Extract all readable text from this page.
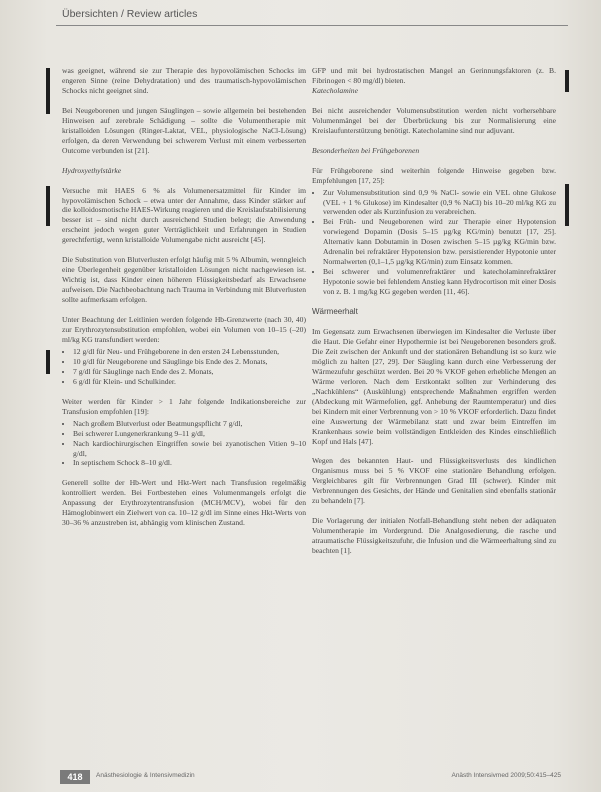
Übersichten / Review articles

was geeignet, während sie zur Therapie des hypovolämischen Schocks im engeren Sinne (reine Dehydratation) und des traumatisch-hypovolämischen Schocks nicht geeignet sind.

Bei Neugeborenen und jungen Säuglingen – sowie allgemein bei bestehenden Hinweisen auf zerebrale Schädigung – sollte die Volumentherapie mit kristalloiden Lösungen (Ringer-Laktat, VEL, physiologische NaCl-Lösung) erfolgen, da deren Verwendung bei schwerem Verlust mit einem verbesserten Outcome verbunden ist [21].

Hydroxyethylstärke

Versuche mit HAES 6 % als Volumenersatzmittel für Kinder im hypovolämischen Schock – etwa unter der Annahme, dass Kinder stärker auf die kolloidosmotische HAES-Wirkung reagieren und die Kreislaufstabilisierung besser ist – sind nicht durch ausreichend Studien belegt; die Anwendung erscheint jedoch wegen guter Verträglichkeit und Erfahrungen in Studien gerechtfertigt, wenn kristalloide Volumengabe nicht ausreicht [45].

Die Substitution von Blutverlusten erfolgt häufig mit 5 % Albumin, wenngleich eine Überlegenheit gegenüber kristalloiden Lösungen nicht nachgewiesen ist. Wichtig ist, dass Kinder einen höheren Flüssigkeitsbedarf als Erwachsene aufweisen. Die Nachbeobachtung nach Trauma in Verbindung mit Blutverlusten sollte aufmerksam erfolgen.

Unter Beachtung der Leitlinien werden folgende Hb-Grenzwerte (nach 30, 40) zur Erythrozytensubstitution empfohlen, wobei ein Volumen von 10–15 (–20) ml/kg KG transfundiert werden:

• 12 g/dl für Neu- und Frühgeborene in den ersten 24 Lebensstunden,
• 10 g/dl für Neugeborene und Säuglinge bis Ende des 2. Monats,
• 7 g/dl für Säuglinge nach Ende des 2. Monats,
• 6 g/dl für Klein- und Schulkinder.

Weiter werden für Kinder > 1 Jahr folgende Indikationsbereiche zur Transfusion empfohlen [19]:

• Nach großem Blutverlust oder Beatmungspflicht 7 g/dl,
• Bei schwerer Lungenerkrankung 9–11 g/dl,
• Nach kardiochirurgischen Eingriffen sowie bei zyanotischen Vitien 9–10 g/dl,
• In septischem Schock 8–10 g/dl.

Generell sollte der Hb-Wert und Hkt-Wert nach Transfusion regelmäßig kontrolliert werden. Bei Fortbestehen eines Volumenmangels erfolgt die Anpassung der Erythrozytentransfusion (MCH/MCV), wobei für den Hämoglobinwert ein Zielwert von ca. 10–12 g/dl im Sinne eines Hkt-Werts von 30–36 % anzustreben ist, abhängig vom klinischen Zustand.

GFP und mit bei hydrostatischen Mangel an Gerinnungsfaktoren (z. B. Fibrinogen < 80 mg/dl) bieten.

Katecholamine

Bei nicht ausreichender Volumensubstitution werden nicht vorhersehbare Volumenmängel bei der Überbrückung bis zur Normalisierung eine Kreislaufunterstützung benötigt. Katecholamine sind nur adjuvant.

Besonderheiten bei Frühgeborenen

Für Frühgeborene sind weiterhin folgende Hinweise gegeben bzw. Empfehlungen [17, 25]:

• Zur Volumensubstitution sind 0,9 % NaCl- sowie ein VEL ohne Glukose (VEL + 1 % Glukose) im Kindesalter (0,9 % NaCl) bis 10–20 ml/kg KG zu verwenden oder als Kurzinfusion zu verabreichen.
• Bei Früh- und Neugeborenen wird zur Therapie einer Hypotension vorwiegend Dopamin (Dosis 5–15 µg/kg KG/min) benutzt [17, 25]. Alternativ kann Dobutamin in Dosen zwischen 5–15 µg/kg KG/min bzw. Adrenalin bei refraktärer Hypotension bzw. persistierender Hypotonie unter Normalwerten (0,1–1,5 µg/kg KG/min) zum Einsatz kommen.
• Bei schwerer und volumenrefraktärer und katecholaminrefraktärer Hypotonie sowie bei fehlendem Anstieg kann Hydrocortison mit einer Dosis von z. B. 1 mg/kg KG gegeben werden [11, 46].

Wärmeerhalt

Im Gegensatz zum Erwachsenen überwiegen im Kindesalter die Verluste über die Haut. Die Gefahr einer Hypothermie ist bei Neugeborenen besonders groß. Die Zeit zwischen der Ankunft und der stationären Behandlung ist so kurz wie möglich zu halten [27, 29]. Der Säugling kann durch eine Verbesserung der Wärmezufuhr geschützt werden. Bei 20 % VKOF gehen erhebliche Mengen an Wärme verloren. Nach dem Erstkontakt sollten zur Verhinderung des „Nachkühlens“ (Auskühlung) entsprechende Maßnahmen ergriffen werden (Abdeckung mit Wärmefolien, ggf. Anhebung der Raumtemperatur) und dies bei Kindern mit einer Verbrennung von > 10 % VKOF erforderlich. Dazu findet eine Auswertung der Wärmebilanz statt und zwar beim Eintreffen im Krankenhaus sowie beim vollständigen Entkleiden des Kindes einschließlich Kopf und Hals [47].

Wegen des bekannten Haut- und Flüssigkeitsverlusts des kindlichen Organismus muss bei 5 % VKOF eine stationäre Behandlung erfolgen. Vergleichbares gilt für Verbrennungen Grad III (schwer). Kinder mit Verbrennungen des Gesichts, der Hände und Genitalien sind ebenfalls stationär zu behandeln [7].

Die Vorlagerung der initialen Notfall-Behandlung steht neben der adäquaten Volumentherapie im Vordergrund. Die Analgosedierung, die rasche und atraumatische Flüssigkeitszufuhr, die Infusion und die Wärmeerhaltung sind zu beachten [1].

418	Anästhesiologie & Intensivmedizin	Anästh Intensivmed 2009;50:415–425
